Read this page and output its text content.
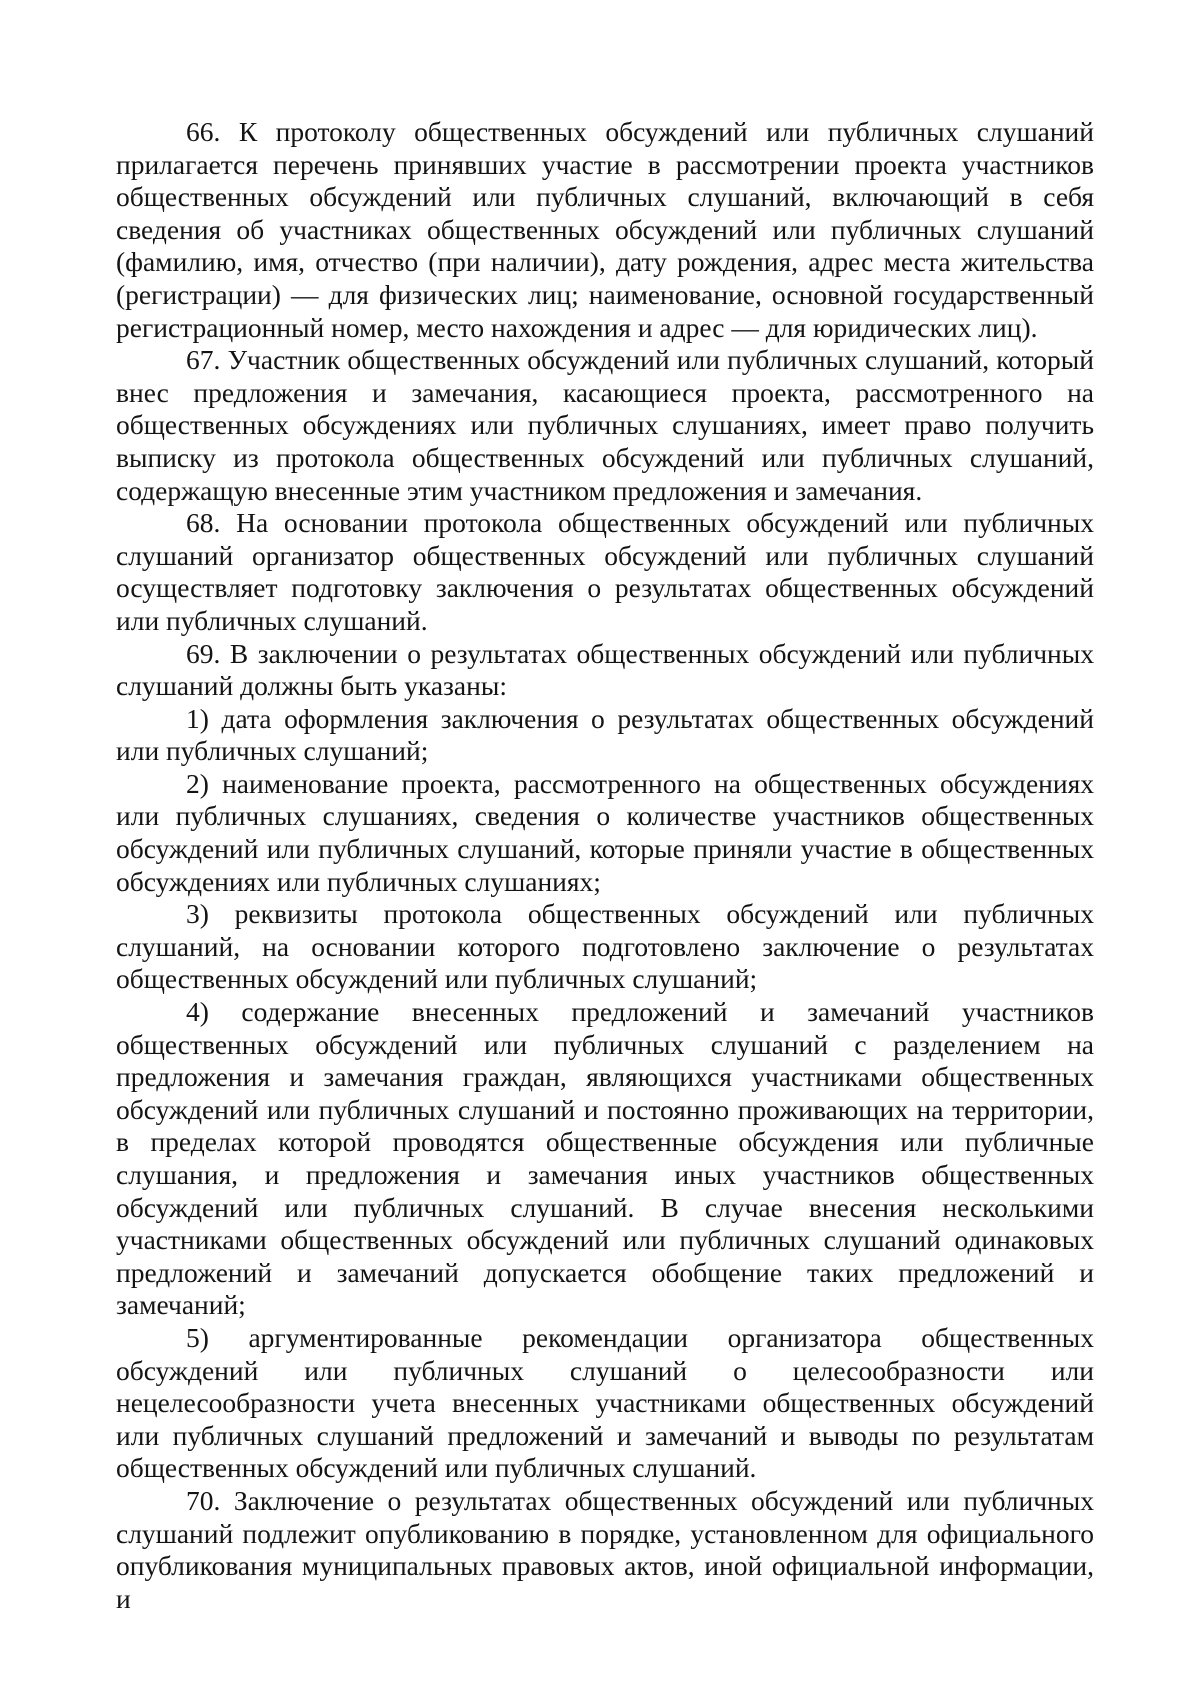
66. К протоколу общественных обсуждений или публичных слушаний прилагается перечень принявших участие в рассмотрении проекта участников общественных обсуждений или публичных слушаний, включающий в себя сведения об участниках общественных обсуждений или публичных слушаний (фамилию, имя, отчество (при наличии), дату рождения, адрес места жительства (регистрации) — для физических лиц; наименование, основной государственный регистрационный номер, место нахождения и адрес — для юридических лиц).

67. Участник общественных обсуждений или публичных слушаний, который внес предложения и замечания, касающиеся проекта, рассмотренного на общественных обсуждениях или публичных слушаниях, имеет право получить выписку из протокола общественных обсуждений или публичных слушаний, содержащую внесенные этим участником предложения и замечания.

68. На основании протокола общественных обсуждений или публичных слушаний организатор общественных обсуждений или публичных слушаний осуществляет подготовку заключения о результатах общественных обсуждений или публичных слушаний.

69. В заключении о результатах общественных обсуждений или публичных слушаний должны быть указаны:

1) дата оформления заключения о результатах общественных обсуждений или публичных слушаний;

2) наименование проекта, рассмотренного на общественных обсуждениях или публичных слушаниях, сведения о количестве участников общественных обсуждений или публичных слушаний, которые приняли участие в общественных обсуждениях или публичных слушаниях;

3) реквизиты протокола общественных обсуждений или публичных слушаний, на основании которого подготовлено заключение о результатах общественных обсуждений или публичных слушаний;

4) содержание внесенных предложений и замечаний участников общественных обсуждений или публичных слушаний с разделением на предложения и замечания граждан, являющихся участниками общественных обсуждений или публичных слушаний и постоянно проживающих на территории, в пределах которой проводятся общественные обсуждения или публичные слушания, и предложения и замечания иных участников общественных обсуждений или публичных слушаний. В случае внесения несколькими участниками общественных обсуждений или публичных слушаний одинаковых предложений и замечаний допускается обобщение таких предложений и замечаний;

5) аргументированные рекомендации организатора общественных обсуждений или публичных слушаний о целесообразности или нецелесообразности учета внесенных участниками общественных обсуждений или публичных слушаний предложений и замечаний и выводы по результатам общественных обсуждений или публичных слушаний.

70. Заключение о результатах общественных обсуждений или публичных слушаний подлежит опубликованию в порядке, установленном для официального опубликования муниципальных правовых актов, иной официальной информации, и
